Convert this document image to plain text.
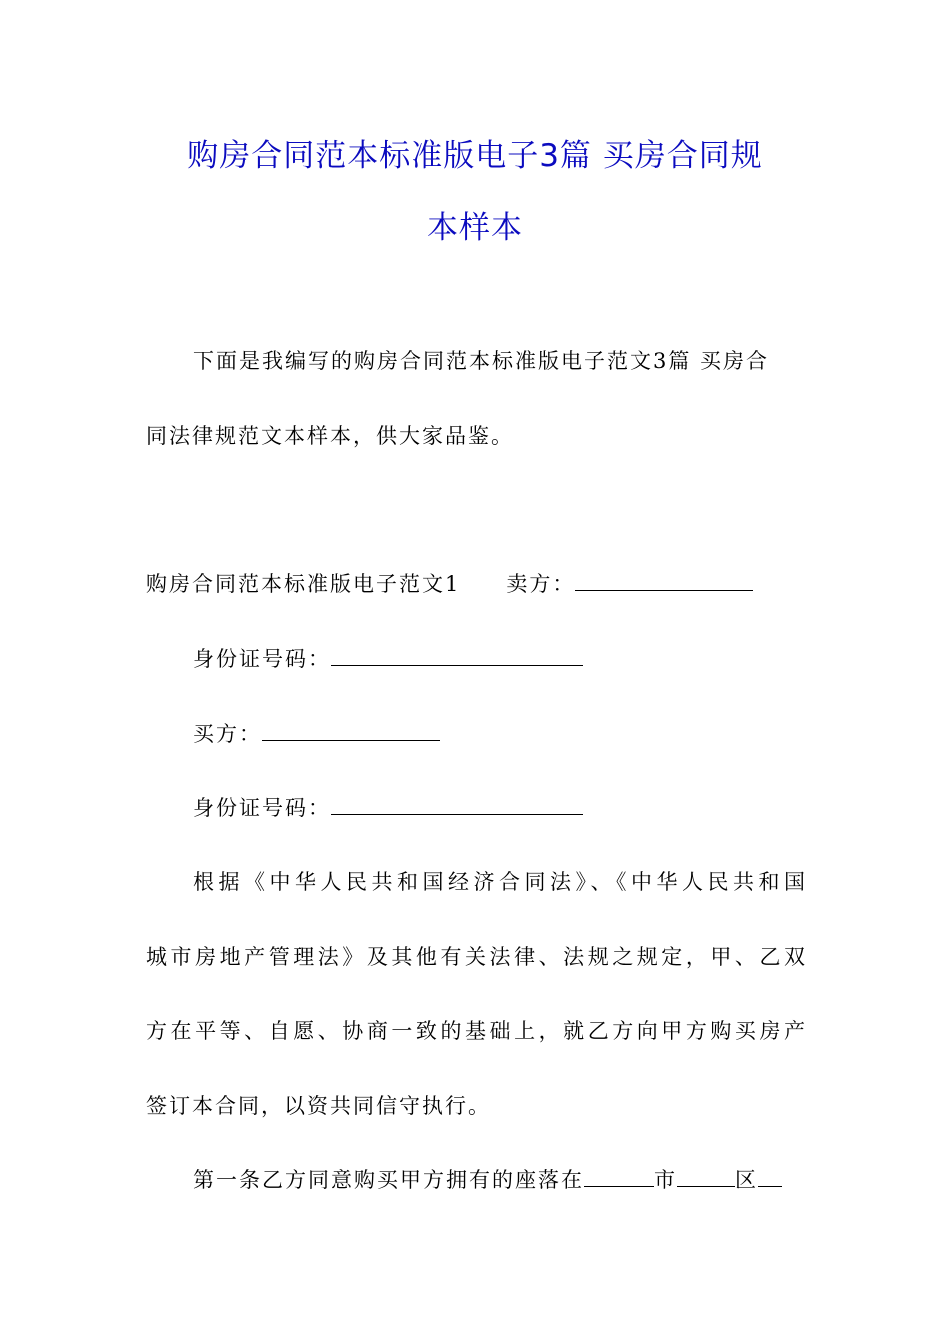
购房合同范本标准版电子3篇 买房合同规
本样本
下面是我编写的购房合同范本标准版电子范文3篇 买房合
同法律规范文本样本，供大家品鉴。
购房合同范本标准版电子范文1 卖方：
身份证号码：
买方：
身份证号码：
根据《中华人民共和国经济合同法》、《中华人民共和国
城市房地产管理法》及其他有关法律、法规之规定，甲、乙双
方在平等、自愿、协商一致的基础上，就乙方向甲方购买房产
签订本合同，以资共同信守执行。
第一条乙方同意购买甲方拥有的座落在	市	区
